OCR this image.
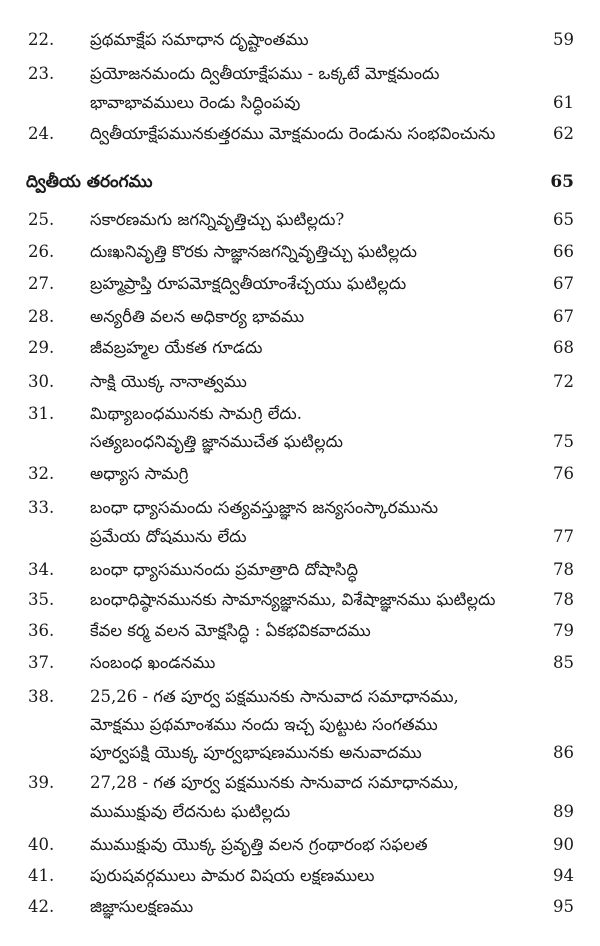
22. ప్రథమాక్షేప సమాధాన దృష్టాంతము	59
23. ప్రయోజనమందు ద్వితీయాక్షేపము - ఒక్కటే మోక్షమందు
భావాభావములు రెండు సిద్ధింపవు	61
24. ద్వితీయాక్షేపమునకుత్తరము మోక్షమందు రెండును సంభవించును	62
ద్వితీయ తరంగము	65
25. సకారణమగు జగన్నివృత్తిచ్చు ఘటిల్లదు?	65
26. దుఃఖనివృత్తి కొరకు సాజ్ఞానజగన్నివృత్తిచ్చు ఘటిల్లదు	66
27. బ్రహ్మప్రాప్తి రూపమోక్షద్వితీయాంశేచ్చయు ఘటిల్లదు	67
28. అన్యరీతి వలన అధికార్య భావము	67
29. జీవబ్రహ్మల యేకత గూడదు	68
30. సాక్షి యొక్క నానాత్వము	72
31. మిథ్యాబంధమునకు సామగ్రి లేదు.
సత్యబంధనివృత్తి జ్ఞానముచేత ఘటిల్లదు	75
32. అధ్యాస సామగ్రి	76
33. బంధా ధ్యాసమందు సత్యవస్తుజ్ఞాన జన్యసంస్కారమును
ప్రమేయ దోషమును లేదు	77
34. బంధా ధ్యాసమునందు ప్రమాత్రాది దోషాసిద్ధి	78
35. బంధాధిష్ఠానమునకు సామాన్యజ్ఞానము, విశేషాజ్ఞానము ఘటిల్లదు	78
36. కేవల కర్మ వలన మోక్షసిద్ధి : ఏకభవికవాదము	79
37. సంబంధ ఖండనము	85
38. 25,26 - గత పూర్వ పక్షమునకు సానువాద సమాధానము,
మోక్షము ప్రథమాంశము నందు ఇచ్చ పుట్టుట సంగతము
పూర్వపక్షి యొక్క పూర్వభాషణమునకు అనువాదము	86
39. 27,28 - గత పూర్వ పక్షమునకు సానువాద సమాధానము,
ముముక్షువు లేదనుట ఘటిల్లదు	89
40. ముముక్షువు యొక్క ప్రవృత్తి వలన గ్రంథారంభ సఫలత	90
41. పురుషవర్గములు పామర విషయ లక్షణములు	94
42. జిజ్ఞాసులక్షణము	95
